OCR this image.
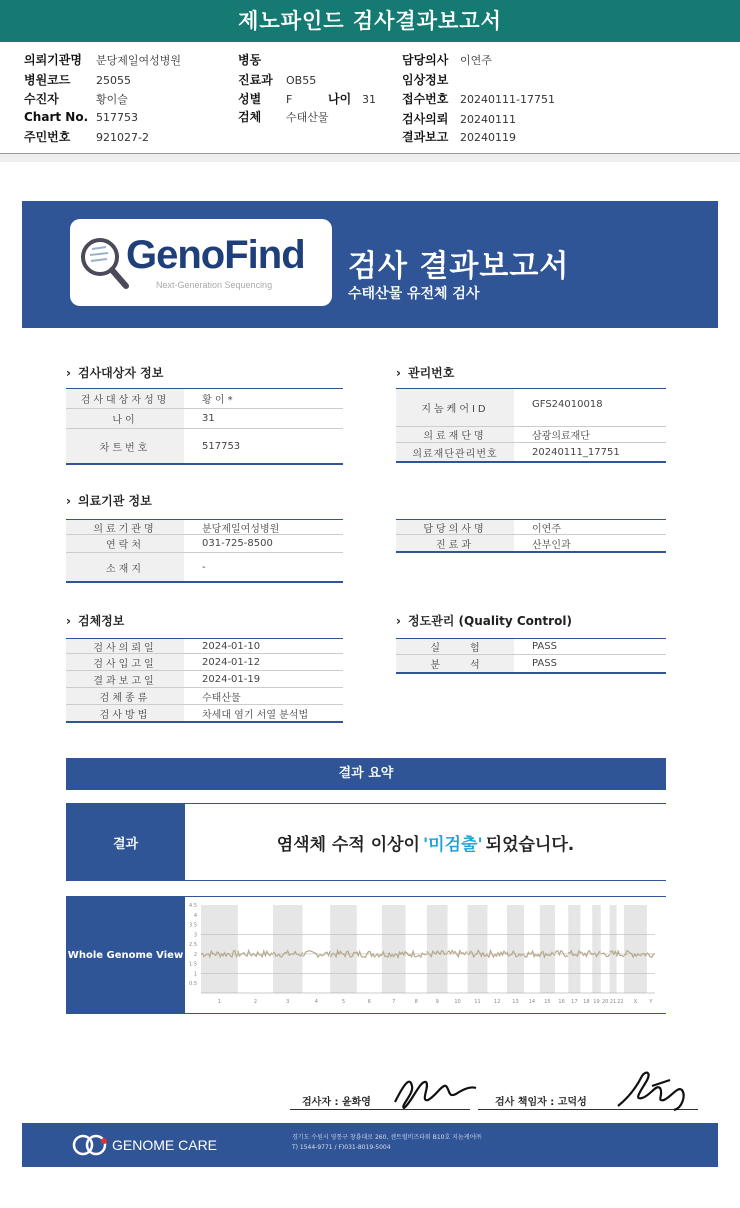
제노파인드 검사결과보고서
의뢰기관명 분당제일여성병원
병원코드 25055
수진자	황이슬
Chart No. 517753
주민번호 921027-2
병동
진료과 OB55
성별 F	나이 31
검체 수태산물
담당의사 이연주
임상정보
접수번호 20240111-17751
검사의뢰 20240111
결과보고 20240119
GenoFind
Next-Generation Sequencing
검사 결과보고서
수태산물 유전체 검사
› 검사대상자 정보
검사대상자성명	황 이 *
나이	31
차트번호	517753
› 관리번호
지놈케어ID	GFS24010018
의료재단명	삼광의료재단
의료재단관리번호	20240111_17751
› 의료기관 정보
의료기관명	분당제일여성병원
연락처	031-725-8500
소재지	-
담당의사명	이연주
진료과	산부인과
› 검체정보
검사의뢰일	2024-01-10
검사입고일	2024-01-12
결과보고일	2024-01-19
검체종류	수태산물
검사방법	차세대 염기 서열 분석법
› 정도관리 (Quality Control)
실험	PASS
분석	PASS
결과 요약
결과	염색체 수적 이상이 '미검출' 되었습니다.
Whole Genome View
4.5
4
3.5
3
2.5
2
1.5
1
0.5
1	2	3	4	5	6	7	8	9	10	11	12 13 14 15 16 17 18 19 20 21 22 X Y
검사자 : 윤화영	검사 책임자 : 고덕성
GENOME CARE	경기도 수원시 영통구 창룡대로 260, 센트럴비즈타워 B10호 지놈케어㈜
T) 1544-9771 / F)031-8019-5004
